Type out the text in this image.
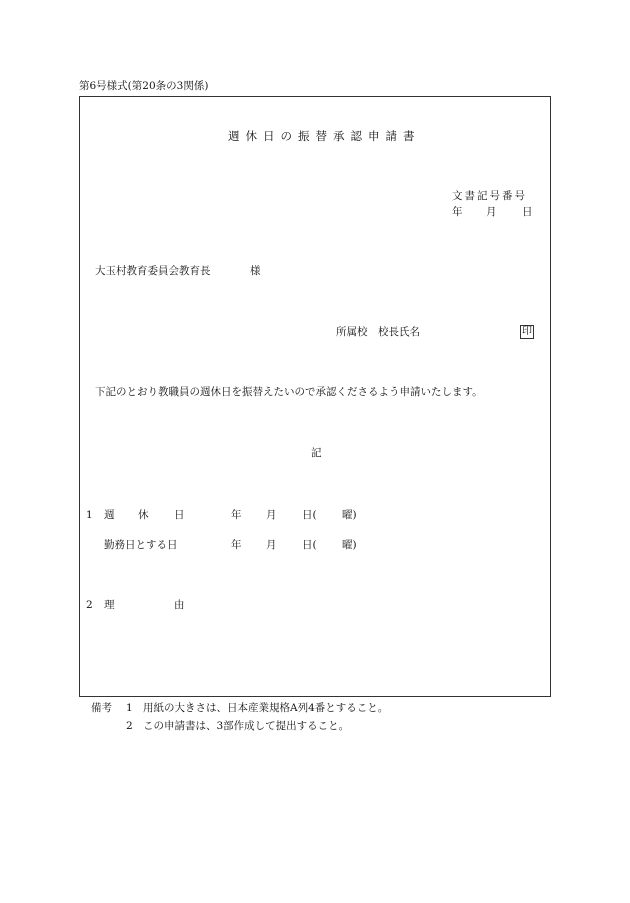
第6号様式(第20条の3関係)
週休日の振替承認申請書
文書記号番号
年 月 日
大玉村教育委員会教育長	様
所属校　校長氏名	印
下記のとおり教職員の週休日を振替えたいので承認くださるよう申請いたします。
記
1 週 休 日	年 月 日( 曜)
勤務日とする日	年 月 日( 曜)
2 理	由
備考 1 用紙の大きさは、日本産業規格A列4番とすること。
2 この申請書は、3部作成して提出すること。
